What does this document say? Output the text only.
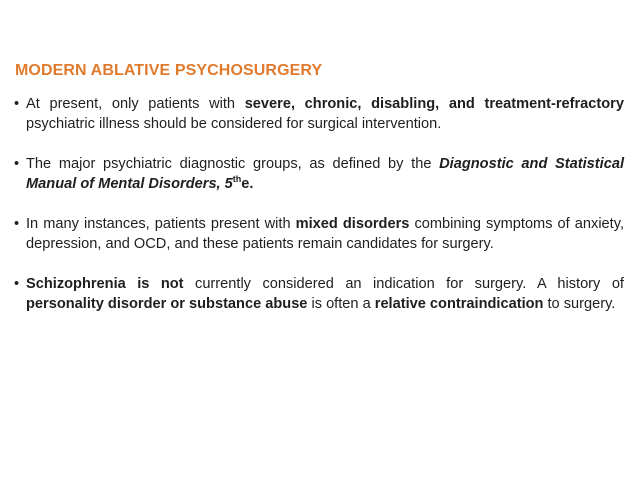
MODERN ABLATIVE PSYCHOSURGERY
• At present, only patients with severe, chronic, disabling, and treatment-refractory psychiatric illness should be considered for surgical intervention.
• The major psychiatric diagnostic groups, as defined by the Diagnostic and Statistical Manual of Mental Disorders, 5the.
• In many instances, patients present with mixed disorders combining symptoms of anxiety, depression, and OCD, and these patients remain candidates for surgery.
• Schizophrenia is not currently considered an indication for surgery. A history of personality disorder or substance abuse is often a relative contraindication to surgery.
